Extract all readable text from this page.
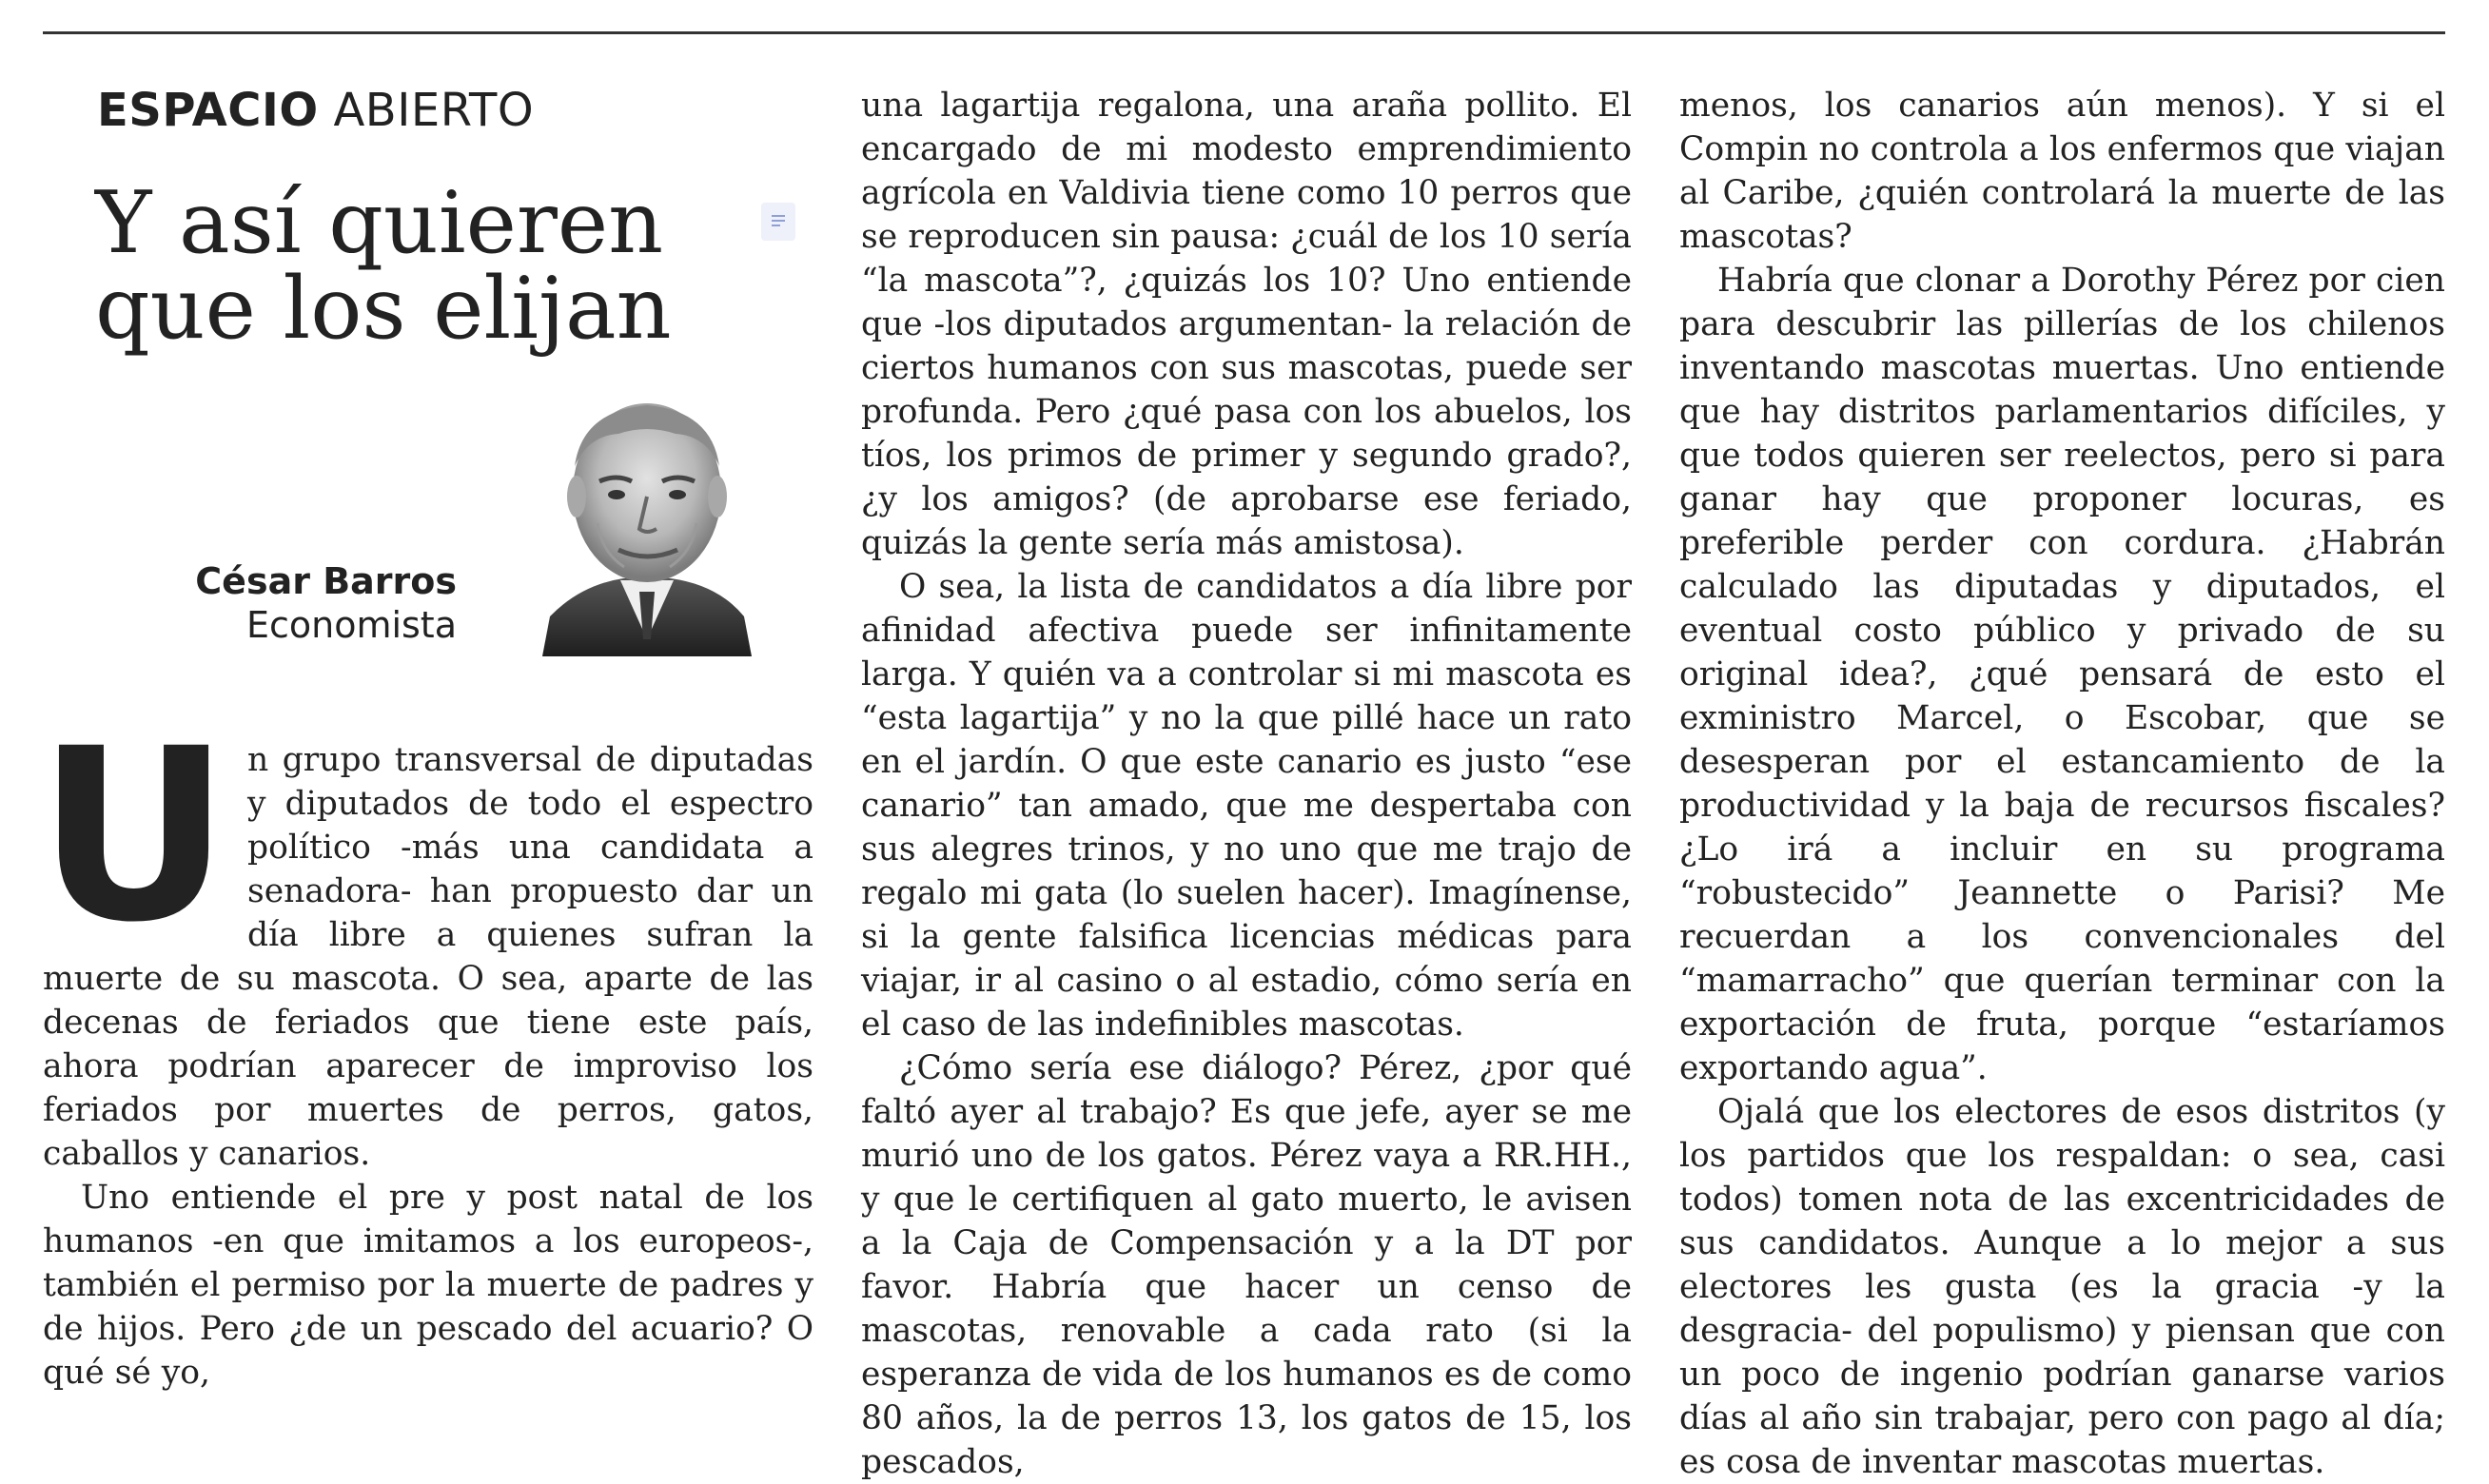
ESPACIO ABIERTO
Y así quieren
que los elijan
César Barros
Economista

Un grupo transversal de diputadas y diputados de todo el espectro político -más una candidata a senadora- han propuesto dar un día libre a quienes sufran la muerte de su mascota. O sea, aparte de las decenas de feriados que tiene este país, ahora podrían aparecer de improviso los feriados por muertes de perros, gatos, caballos y canarios.

Uno entiende el pre y post natal de los humanos -en que imitamos a los europeos-, también el permiso por la muerte de padres y de hijos. Pero ¿de un pescado del acuario? O qué sé yo,

una lagartija regalona, una araña pollito. El encargado de mi modesto emprendimiento agrícola en Valdivia tiene como 10 perros que se reproducen sin pausa: ¿cuál de los 10 sería “la mascota”?, ¿quizás los 10? Uno entiende que -los diputados argumentan- la relación de ciertos humanos con sus mascotas, puede ser profunda. Pero ¿qué pasa con los abuelos, los tíos, los primos de primer y segundo grado?, ¿y los amigos? (de aprobarse ese feriado, quizás la gente sería más amistosa).

O sea, la lista de candidatos a día libre por afinidad afectiva puede ser infinitamente larga. Y quién va a controlar si mi mascota es “esta lagartija” y no la que pillé hace un rato en el jardín. O que este canario es justo “ese canario” tan amado, que me despertaba con sus alegres trinos, y no uno que me trajo de regalo mi gata (lo suelen hacer). Imagínense, si la gente falsifica licencias médicas para viajar, ir al casino o al estadio, cómo sería en el caso de las indefinibles mascotas.

¿Cómo sería ese diálogo? Pérez, ¿por qué faltó ayer al trabajo? Es que jefe, ayer se me murió uno de los gatos. Pérez vaya a RR.HH., y que le certifiquen al gato muerto, le avisen a la Caja de Compensación y a la DT por favor. Habría que hacer un censo de mascotas, renovable a cada rato (si la esperanza de vida de los humanos es de como 80 años, la de perros 13, los gatos de 15, los pescados,

menos, los canarios aún menos). Y si el Compin no controla a los enfermos que viajan al Caribe, ¿quién controlará la muerte de las mascotas?

Habría que clonar a Dorothy Pérez por cien para descubrir las pillerías de los chilenos inventando mascotas muertas. Uno entiende que hay distritos parlamentarios difíciles, y que todos quieren ser reelectos, pero si para ganar hay que proponer locuras, es preferible perder con cordura. ¿Habrán calculado las diputadas y diputados, el eventual costo público y privado de su original idea?, ¿qué pensará de esto el exministro Marcel, o Escobar, que se desesperan por el estancamiento de la productividad y la baja de recursos fiscales? ¿Lo irá a incluir en su programa “robustecido” Jeannette o Parisi? Me recuerdan a los convencionales del “mamarracho” que querían terminar con la exportación de fruta, porque “estaríamos exportando agua”.

Ojalá que los electores de esos distritos (y los partidos que los respaldan: o sea, casi todos) tomen nota de las excentricidades de sus candidatos. Aunque a lo mejor a sus electores les gusta (es la gracia -y la desgracia- del populismo) y piensan que con un poco de ingenio podrían ganarse varios días al año sin trabajar, pero con pago al día; es cosa de inventar mascotas muertas.
